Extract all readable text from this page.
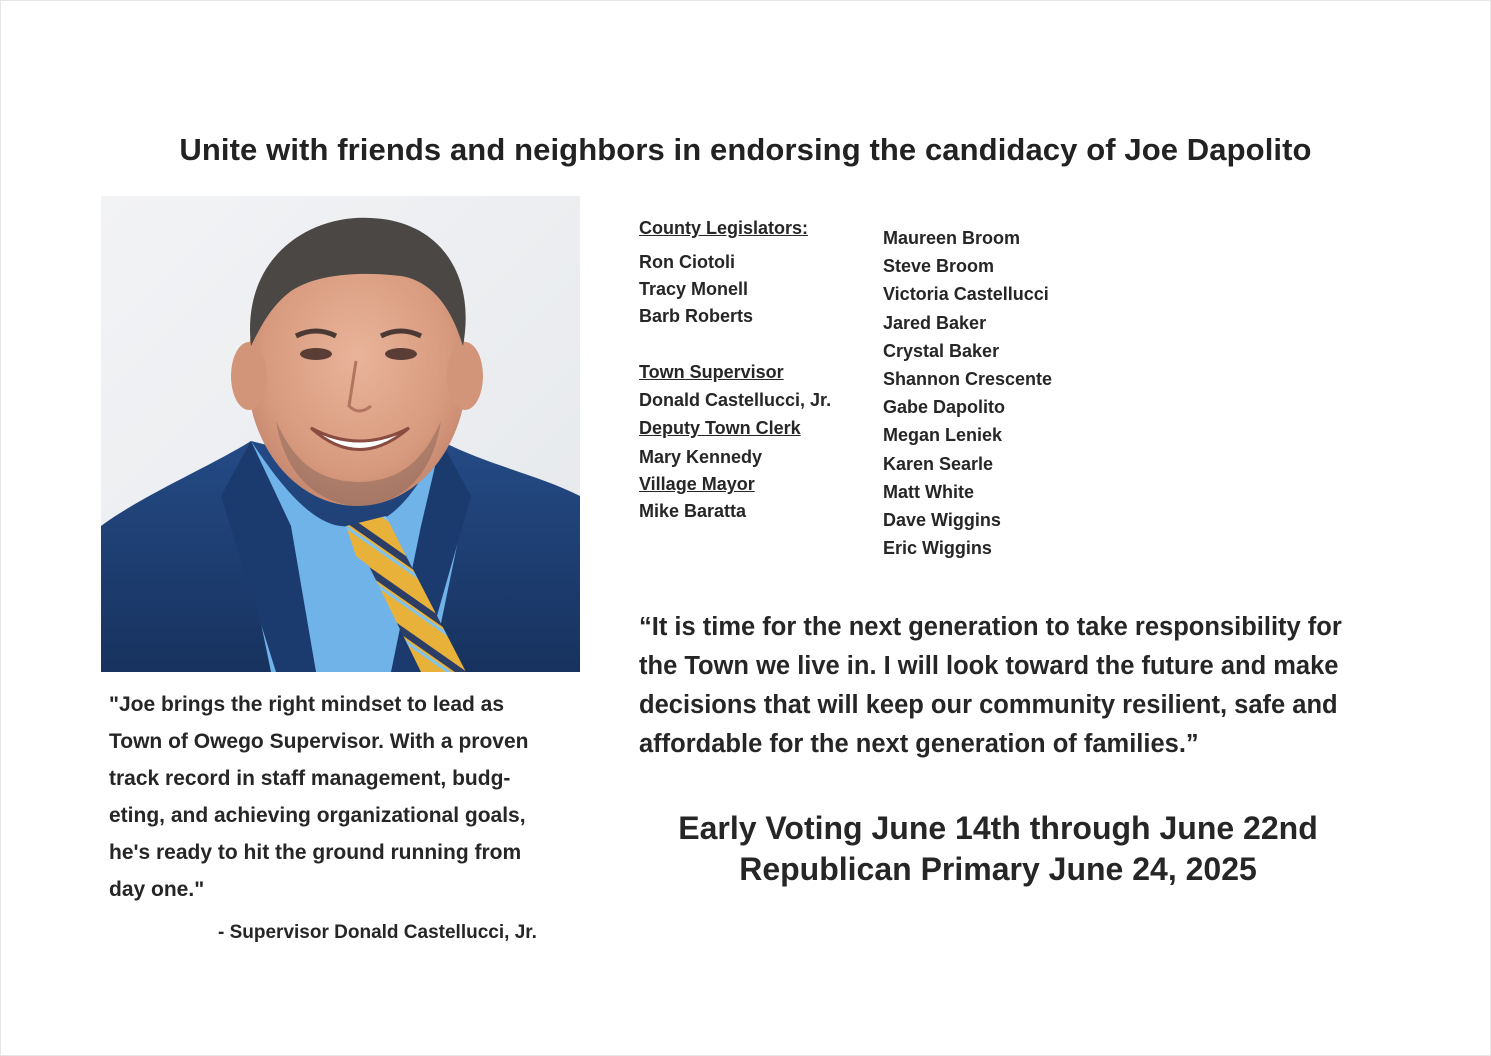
Unite with friends and neighbors in endorsing the candidacy of Joe Dapolito
"Joe brings the right mindset to lead as
Town of Owego Supervisor. With a proven
track record in staff management, budg-
eting, and achieving organizational goals,
he's ready to hit the ground running from
day one."
- Supervisor Donald Castellucci, Jr.
County Legislators:
Ron Ciotoli
Tracy Monell
Barb Roberts
Town Supervisor
Donald Castellucci, Jr.
Deputy Town Clerk
Mary Kennedy
Village Mayor
Mike Baratta
Maureen Broom
Steve Broom
Victoria Castellucci
Jared Baker
Crystal Baker
Shannon Crescente
Gabe Dapolito
Megan Leniek
Karen Searle
Matt White
Dave Wiggins
Eric Wiggins
“It is time for the next generation to take responsibility for
the Town we live in. I will look toward the future and make
decisions that will keep our community resilient, safe and
affordable for the next generation of families.”
Early Voting June 14th through June 22nd
Republican Primary June 24, 2025
